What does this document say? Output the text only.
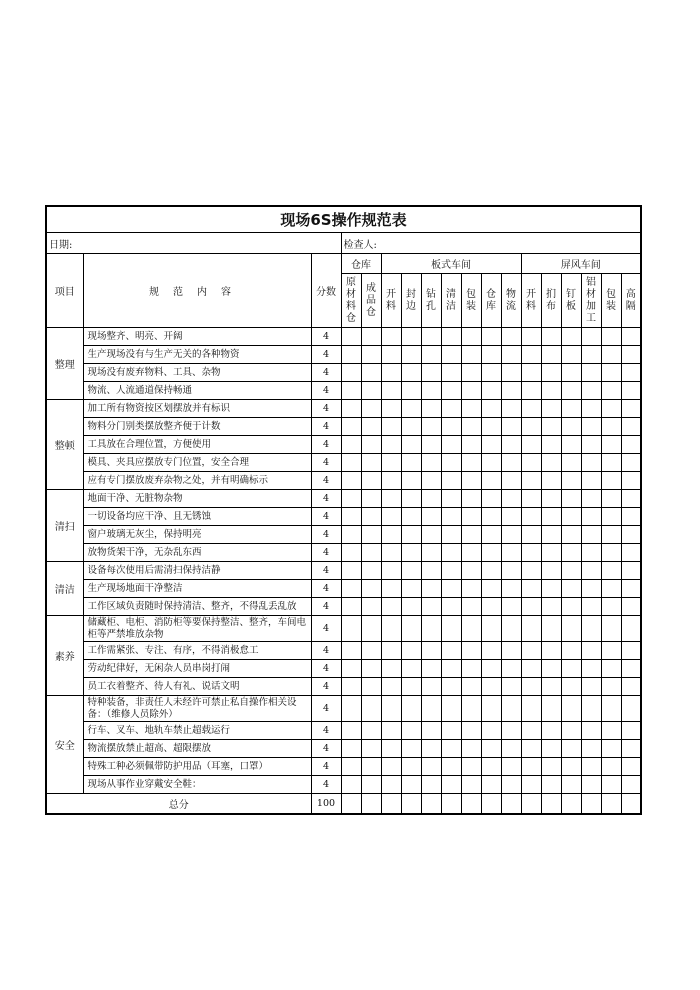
现场6S操作规范表																	
日期:			检查人:														
项目	规范内容	分数	仓库		板式车间							屏风车间					
			原材料仓	成品仓	开料	封边	钻孔	清洁	包装	仓库	物流	开料	扪布	钉板	铝材加工	包装	高隔
整理	现场整齐、明亮、开阔	4															
	生产现场没有与生产无关的各种物资	4															
	现场没有废弃物料、工具、杂物	4															
	物流、人流通道保持畅通	4															
整顿	加工所有物资按区划摆放并有标识	4															
	物料分门别类摆放整齐便于计数	4															
	工具放在合理位置，方便使用	4															
	模具、夹具应摆放专门位置，安全合理	4															
	应有专门摆放废弃杂物之处，并有明确标示	4															
清扫	地面干净、无脏物杂物	4															
	一切设备均应干净、且无锈蚀	4															
	窗户玻璃无灰尘，保持明亮	4															
	放物货架干净，无杂乱东西	4															
清洁	设备每次使用后需清扫保持洁静	4															
	生产现场地面干净整洁	4															
	工作区域负责随时保持清洁、整齐，不得乱丢乱放	4															
素养	储藏柜、电柜、消防柜等要保持整洁、整齐，车间电柜等严禁堆放杂物	4															
	工作需紧张、专注、有序，不得消极怠工	4															
	劳动纪律好，无闲杂人员串岗打闹	4															
	员工衣着整齐、待人有礼、说话文明	4															
安全	特种装备，非责任人未经许可禁止私自操作相关设备：（维修人员除外）	4															
	行车、叉车、地轨车禁止超载运行	4															
	物流摆放禁止超高、超限摆放	4															
	特殊工种必须佩带防护用品（耳塞，口罩）	4															
	现场从事作业穿戴安全鞋：	4															
总分		100															
